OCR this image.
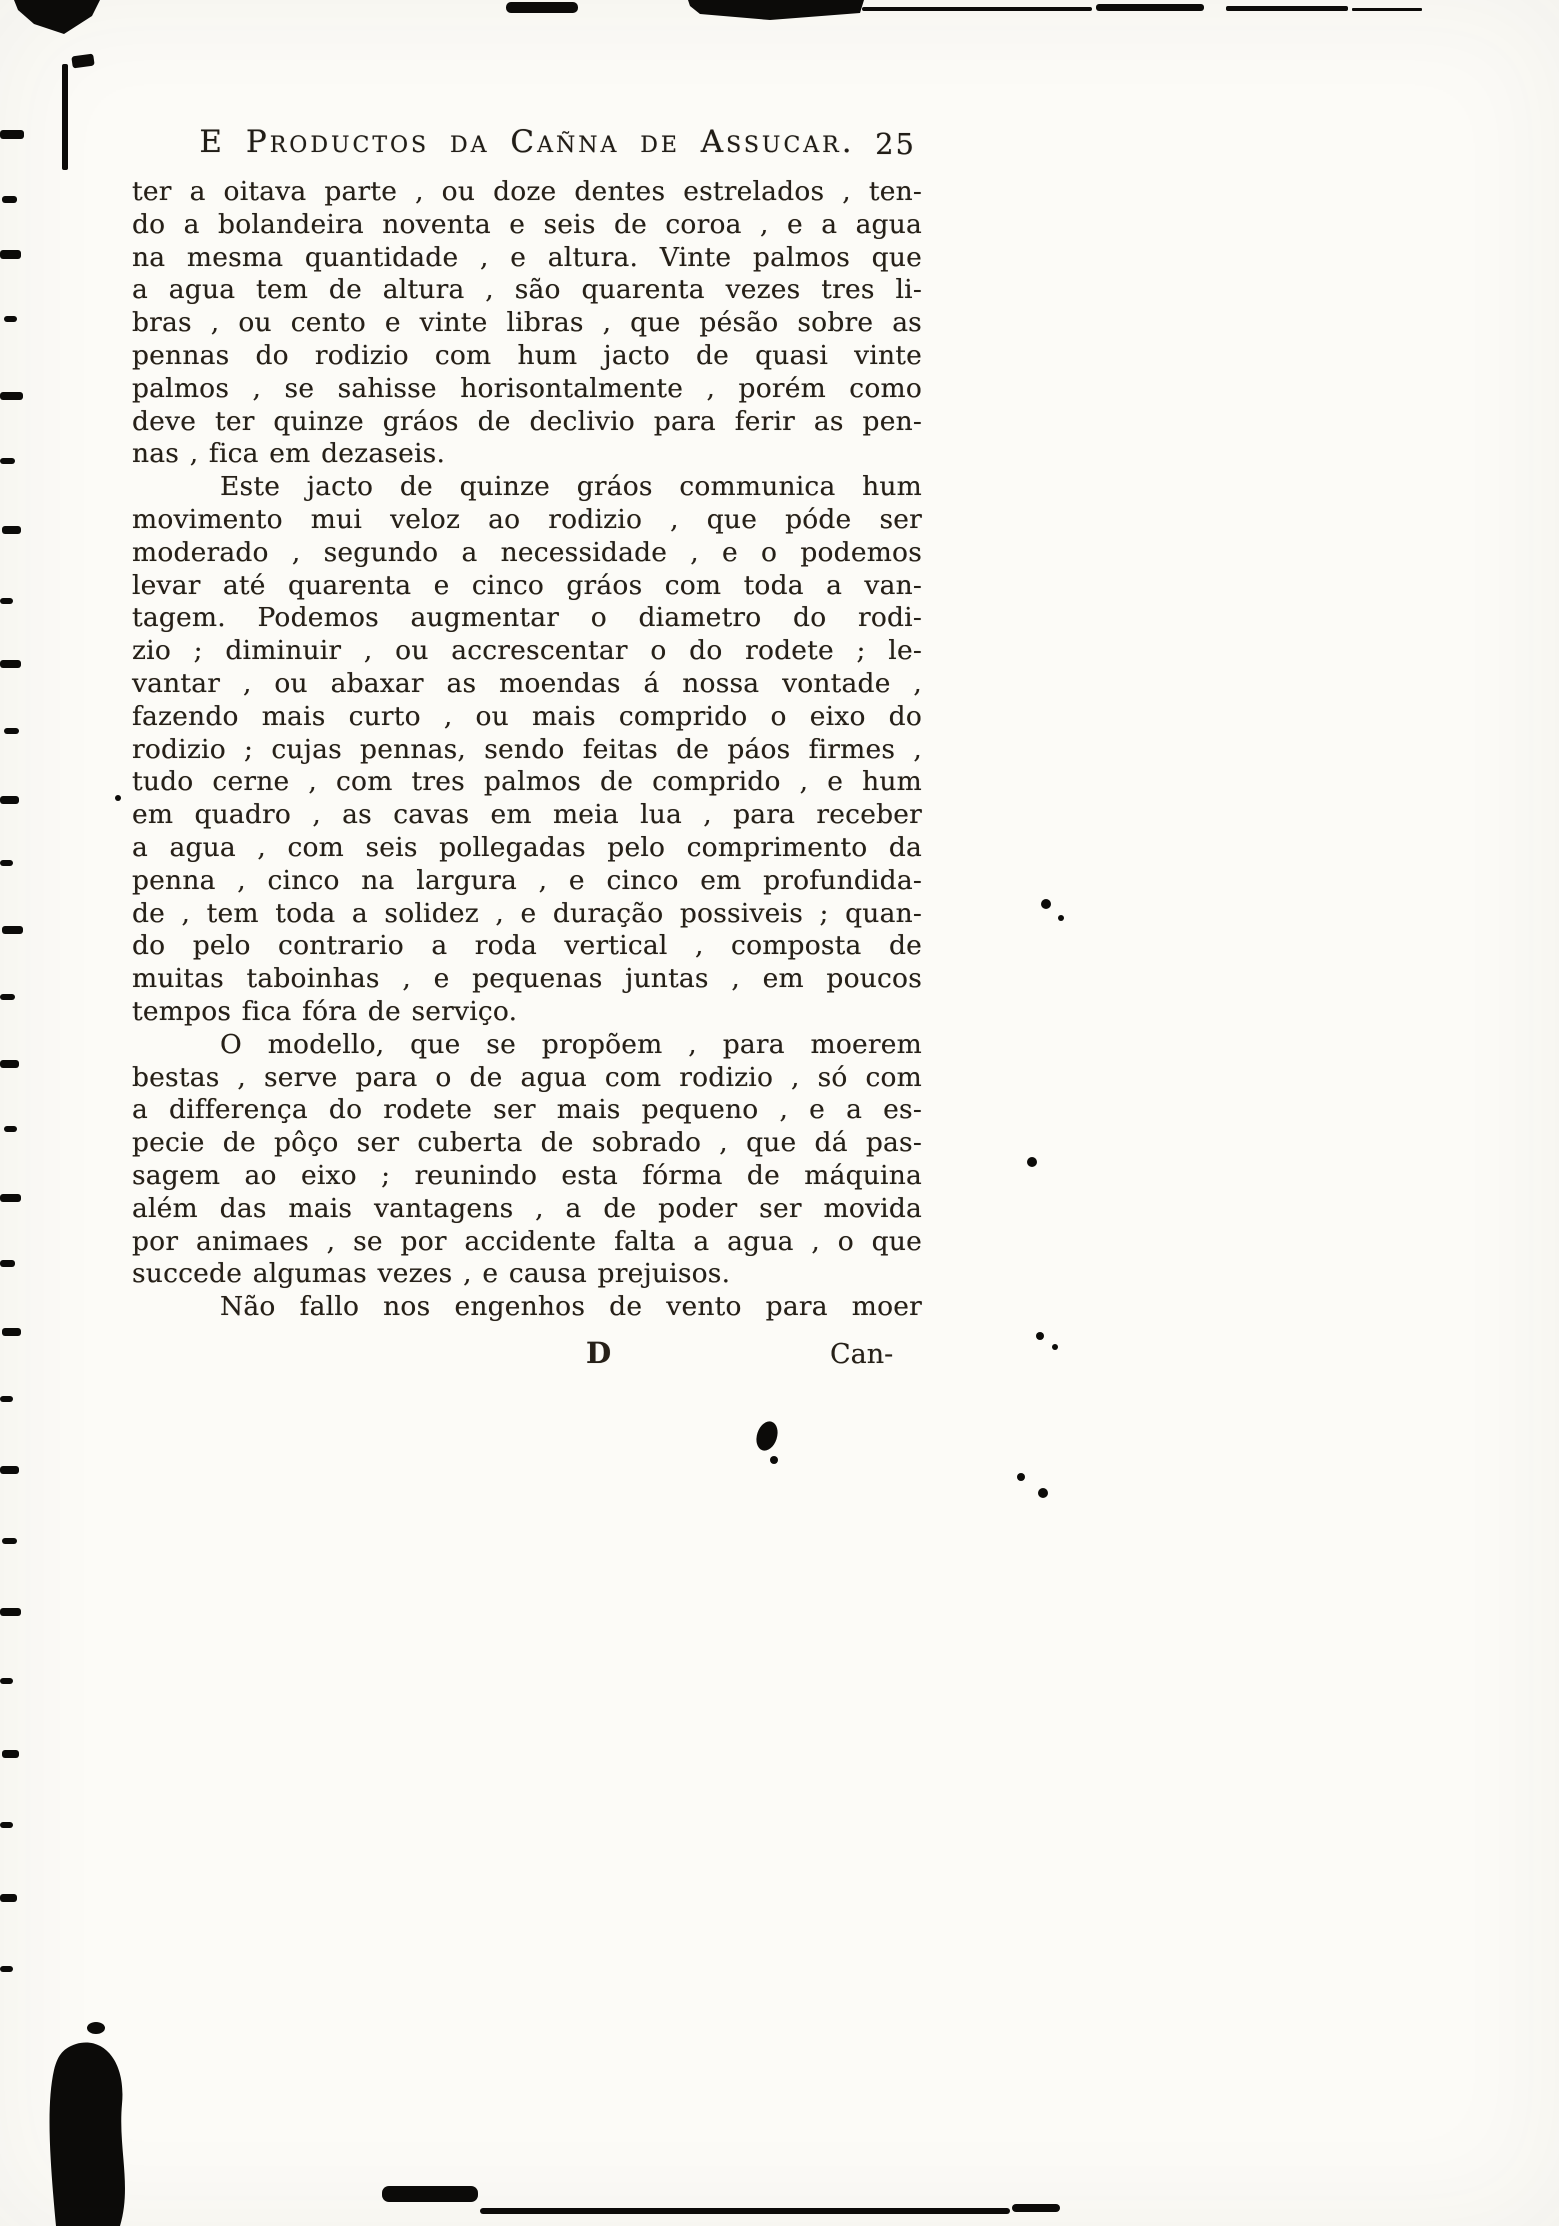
E Productos da Cañna de Assucar. 25
ter a oitava parte , ou doze dentes estrelados , ten-
do a bolandeira noventa e seis de coroa , e a agua
na mesma quantidade , e altura. Vinte palmos que
a agua tem de altura , são quarenta vezes tres li-
bras , ou cento e vinte libras , que pésão sobre as
pennas do rodizio com hum jacto de quasi vinte
palmos , se sahisse horisontalmente , porém como
deve ter quinze gráos de declivio para ferir as pen-
nas , fica em dezaseis.
Este jacto de quinze gráos communica hum
movimento mui veloz ao rodizio , que póde ser
moderado , segundo a necessidade , e o podemos
levar até quarenta e cinco gráos com toda a van-
tagem. Podemos augmentar o diametro do rodi-
zio ; diminuir , ou accrescentar o do rodete ; le-
vantar , ou abaxar as moendas á nossa vontade ,
fazendo mais curto , ou mais comprido o eixo do
rodizio ; cujas pennas, sendo feitas de páos firmes ,
tudo cerne , com tres palmos de comprido , e hum
em quadro , as cavas em meia lua , para receber
a agua , com seis pollegadas pelo comprimento da
penna , cinco na largura , e cinco em profundida-
de , tem toda a solidez , e duração possiveis ; quan-
do pelo contrario a roda vertical , composta de
muitas taboinhas , e pequenas juntas , em poucos
tempos fica fóra de serviço.
O modello, que se propõem , para moerem
bestas , serve para o de agua com rodizio , só com
a differença do rodete ser mais pequeno , e a es-
pecie de pôço ser cuberta de sobrado , que dá pas-
sagem ao eixo ; reunindo esta fórma de máquina
além das mais vantagens , a de poder ser movida
por animaes , se por accidente falta a agua , o que
succede algumas vezes , e causa prejuisos.
Não fallo nos engenhos de vento para moer
D	Can-
